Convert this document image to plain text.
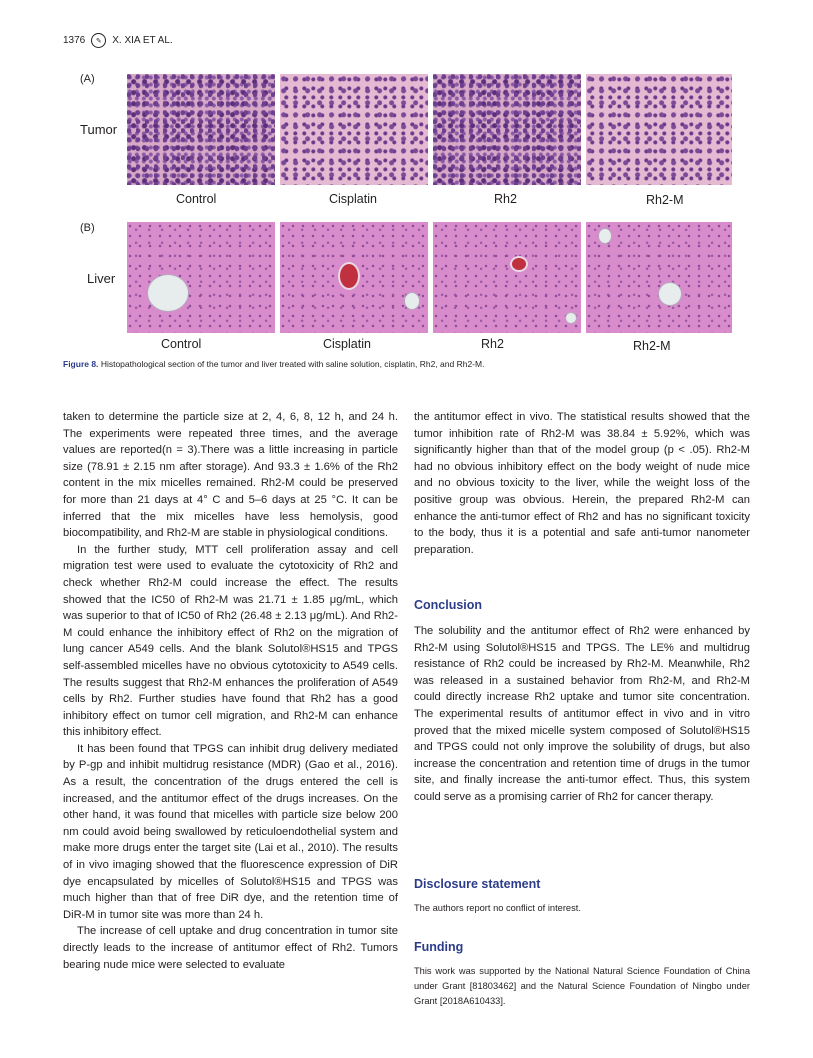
1376	✎	X. XIA ET AL.
(A)
Tumor
Control	Cisplatin	Rh2	Rh2-M
(B)
Liver
Control	Cisplatin	Rh2	Rh2-M
Figure 8. Histopathological section of the tumor and liver treated with saline solution, cisplatin, Rh2, and Rh2-M.

taken to determine the particle size at 2, 4, 6, 8, 12 h, and 24 h. The experiments were repeated three times, and the average values are reported(n = 3).There was a little increasing in particle size (78.91 ± 2.15 nm after storage). And 93.3 ± 1.6% of the Rh2 content in the mix micelles remained. Rh2-M could be preserved for more than 21 days at 4° C and 5–6 days at 25 °C. It can be inferred that the mix micelles have less hemolysis, good biocompatibility, and Rh2-M are stable in physiological conditions.

In the further study, MTT cell proliferation assay and cell migration test were used to evaluate the cytotoxicity of Rh2 and check whether Rh2-M could increase the effect. The results showed that the IC50 of Rh2-M was 21.71 ± 1.85 μg/mL, which was superior to that of IC50 of Rh2 (26.48 ± 2.13 μg/mL). And Rh2-M could enhance the inhibitory effect of Rh2 on the migration of lung cancer A549 cells. And the blank Solutol®HS15 and TPGS self-assembled micelles have no obvious cytotoxicity to A549 cells. The results suggest that Rh2-M enhances the proliferation of A549 cells by Rh2. Further studies have found that Rh2 has a good inhibitory effect on tumor cell migration, and Rh2-M can enhance this inhibitory effect.

It has been found that TPGS can inhibit drug delivery mediated by P-gp and inhibit multidrug resistance (MDR) (Gao et al., 2016). As a result, the concentration of the drugs entered the cell is increased, and the antitumor effect of the drugs increases. On the other hand, it was found that micelles with particle size below 200 nm could avoid being swallowed by reticuloendothelial system and make more drugs enter the target site (Lai et al., 2010). The results of in vivo imaging showed that the fluorescence expression of DiR dye encapsulated by micelles of Solutol®HS15 and TPGS was much higher than that of free DiR dye, and the retention time of DiR-M in tumor site was more than 24 h.

The increase of cell uptake and drug concentration in tumor site directly leads to the increase of antitumor effect of Rh2. Tumors bearing nude mice were selected to evaluate

the antitumor effect in vivo. The statistical results showed that the tumor inhibition rate of Rh2-M was 38.84 ± 5.92%, which was significantly higher than that of the model group (p < .05). Rh2-M had no obvious inhibitory effect on the body weight of nude mice and no obvious toxicity to the liver, while the weight loss of the positive group was obvious. Herein, the prepared Rh2-M can enhance the anti-tumor effect of Rh2 and has no significant toxicity to the body, thus it is a potential and safe anti-tumor nanometer preparation.

Conclusion

The solubility and the antitumor effect of Rh2 were enhanced by Rh2-M using Solutol®HS15 and TPGS. The LE% and multidrug resistance of Rh2 could be increased by Rh2-M. Meanwhile, Rh2 was released in a sustained behavior from Rh2-M, and Rh2-M could directly increase Rh2 uptake and tumor site concentration. The experimental results of antitumor effect in vivo and in vitro proved that the mixed micelle system composed of Solutol®HS15 and TPGS could not only improve the solubility of drugs, but also increase the concentration and retention time of drugs in the tumor site, and finally increase the anti-tumor effect. Thus, this system could serve as a promising carrier of Rh2 for cancer therapy.

Disclosure statement
The authors report no conflict of interest.
Funding
This work was supported by the National Natural Science Foundation of China under Grant [81803462] and the Natural Science Foundation of Ningbo under Grant [2018A610433].
